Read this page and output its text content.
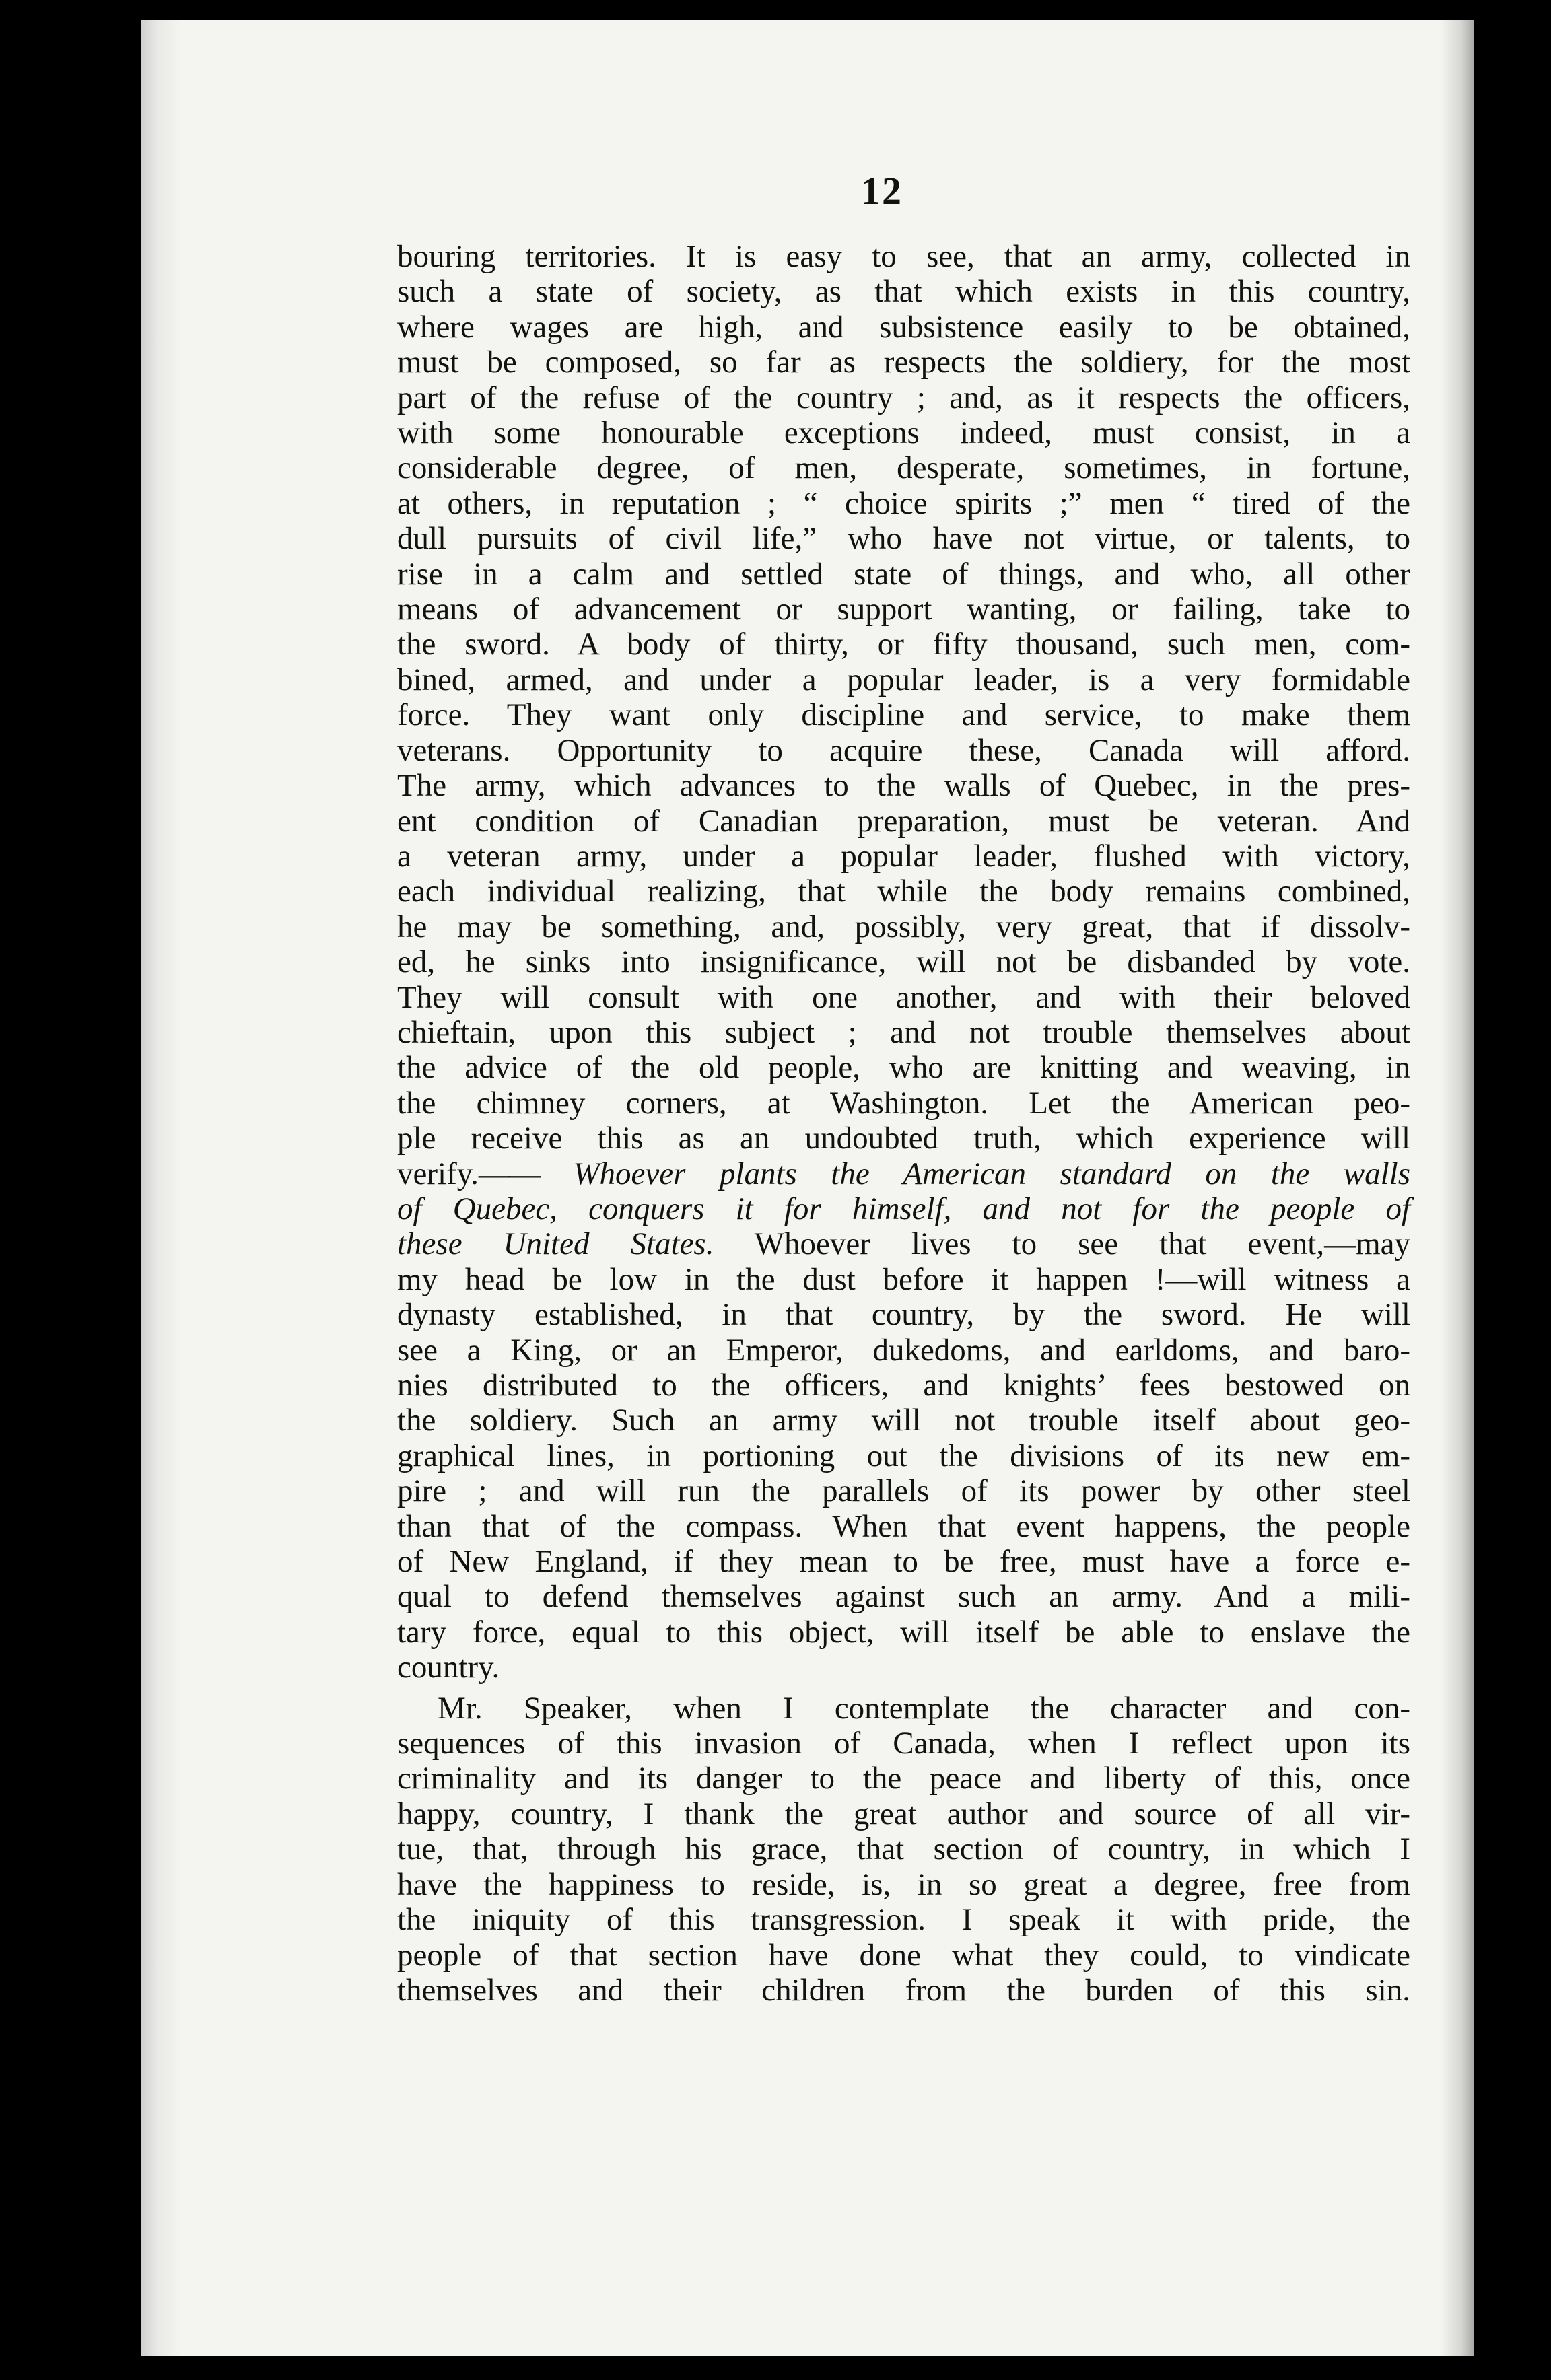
12
bouring territories. It is easy to see, that an army, collected in
such a state of society, as that which exists in this country,
where wages are high, and subsistence easily to be obtained,
must be composed, so far as respects the soldiery, for the most
part of the refuse of the country ; and, as it respects the officers,
with some honourable exceptions indeed, must consist, in a
considerable degree, of men, desperate, sometimes, in fortune,
at others, in reputation ; “ choice spirits ;” men “ tired of the
dull pursuits of civil life,” who have not virtue, or talents, to
rise in a calm and settled state of things, and who, all other
means of advancement or support wanting, or failing, take to
the sword. A body of thirty, or fifty thousand, such men, com-
bined, armed, and under a popular leader, is a very formidable
force. They want only discipline and service, to make them
veterans. Opportunity to acquire these, Canada will afford.
The army, which advances to the walls of Quebec, in the pres-
ent condition of Canadian preparation, must be veteran. And
a veteran army, under a popular leader, flushed with victory,
each individual realizing, that while the body remains combined,
he may be something, and, possibly, very great, that if dissolv-
ed, he sinks into insignificance, will not be disbanded by vote.
They will consult with one another, and with their beloved
chieftain, upon this subject ; and not trouble themselves about
the advice of the old people, who are knitting and weaving, in
the chimney corners, at Washington. Let the American peo-
ple receive this as an undoubted truth, which experience will
verify.—— Whoever plants the American standard on the walls
of Quebec, conquers it for himself, and not for the people of
these United States. Whoever lives to see that event,—may
my head be low in the dust before it happen !—will witness a
dynasty established, in that country, by the sword. He will
see a King, or an Emperor, dukedoms, and earldoms, and baro-
nies distributed to the officers, and knights’ fees bestowed on
the soldiery. Such an army will not trouble itself about geo-
graphical lines, in portioning out the divisions of its new em-
pire ; and will run the parallels of its power by other steel
than that of the compass. When that event happens, the people
of New England, if they mean to be free, must have a force e-
qual to defend themselves against such an army. And a mili-
tary force, equal to this object, will itself be able to enslave the
country.
Mr. Speaker, when I contemplate the character and con-
sequences of this invasion of Canada, when I reflect upon its
criminality and its danger to the peace and liberty of this, once
happy, country, I thank the great author and source of all vir-
tue, that, through his grace, that section of country, in which I
have the happiness to reside, is, in so great a degree, free from
the iniquity of this transgression. I speak it with pride, the
people of that section have done what they could, to vindicate
themselves and their children from the burden of this sin.
